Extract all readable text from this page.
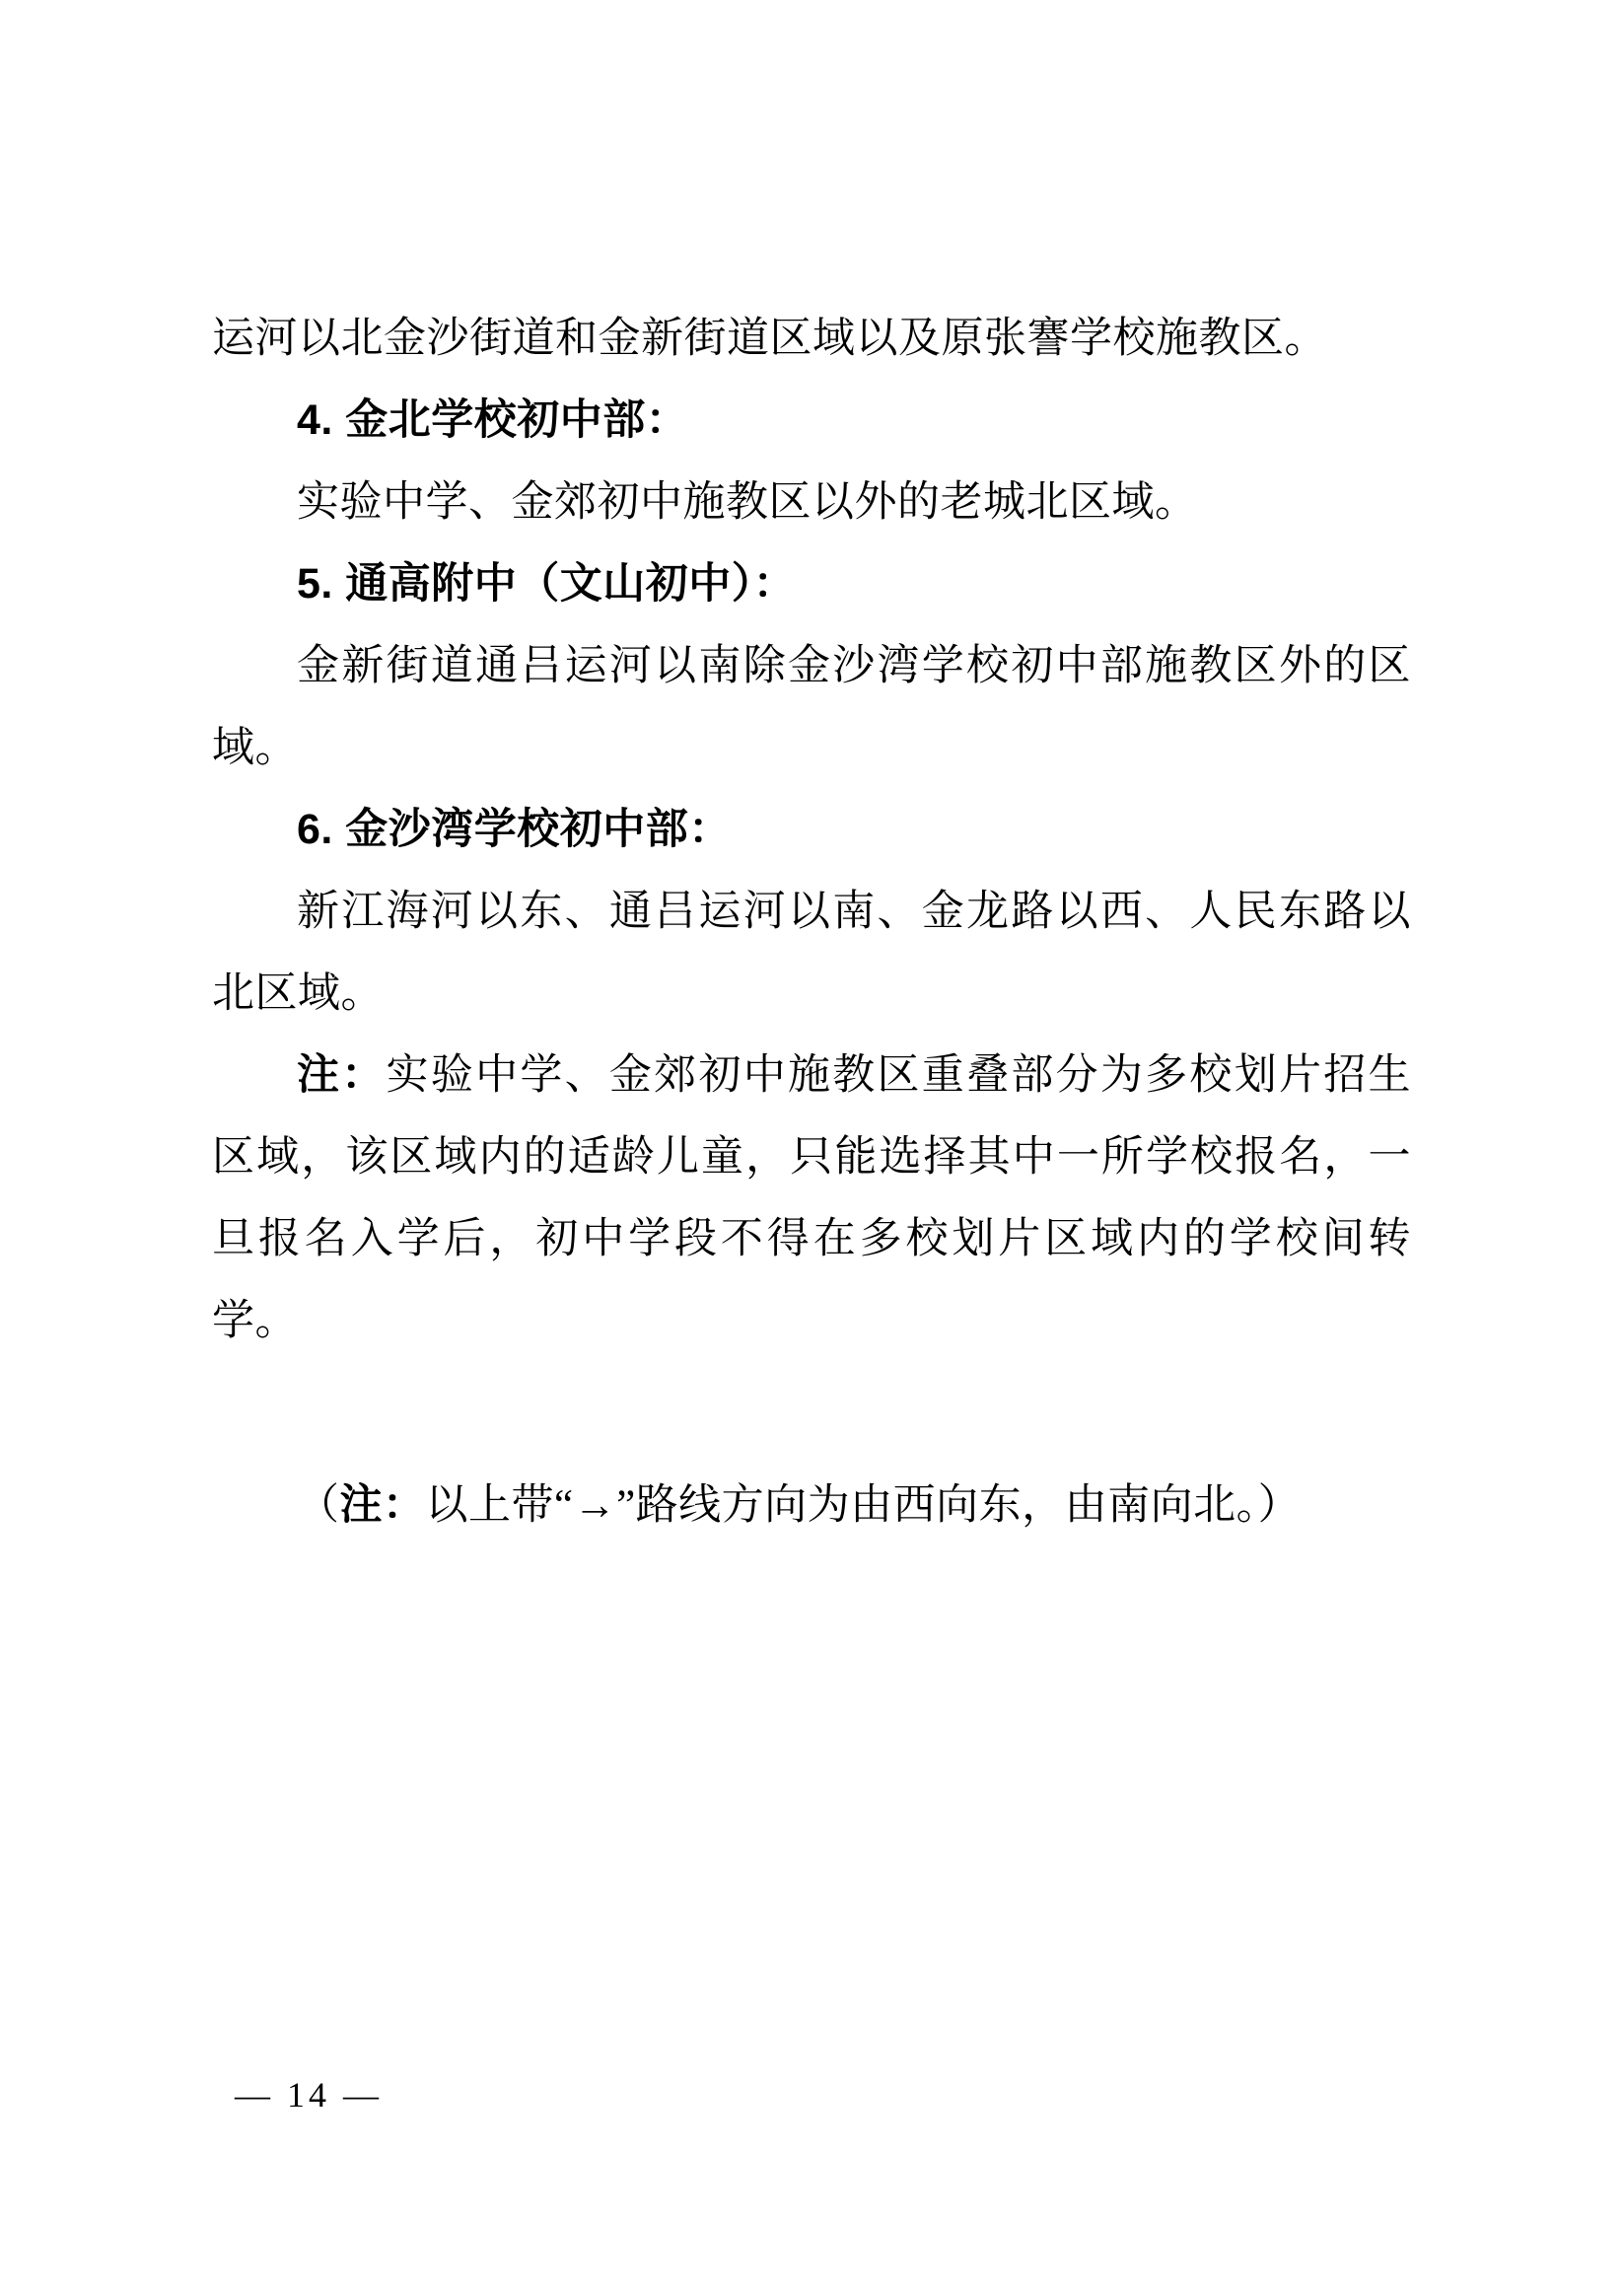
运河以北金沙街道和金新街道区域以及原张謇学校施教区。

4. 金北学校初中部：

实验中学、金郊初中施教区以外的老城北区域。

5. 通高附中（文山初中）：

金新街道通吕运河以南除金沙湾学校初中部施教区外的区域。

6. 金沙湾学校初中部：

新江海河以东、通吕运河以南、金龙路以西、人民东路以北区域。

注：实验中学、金郊初中施教区重叠部分为多校划片招生区域，该区域内的适龄儿童，只能选择其中一所学校报名，一旦报名入学后，初中学段不得在多校划片区域内的学校间转学。

（注：以上带“→”路线方向为由西向东，由南向北。）

— 14 —
